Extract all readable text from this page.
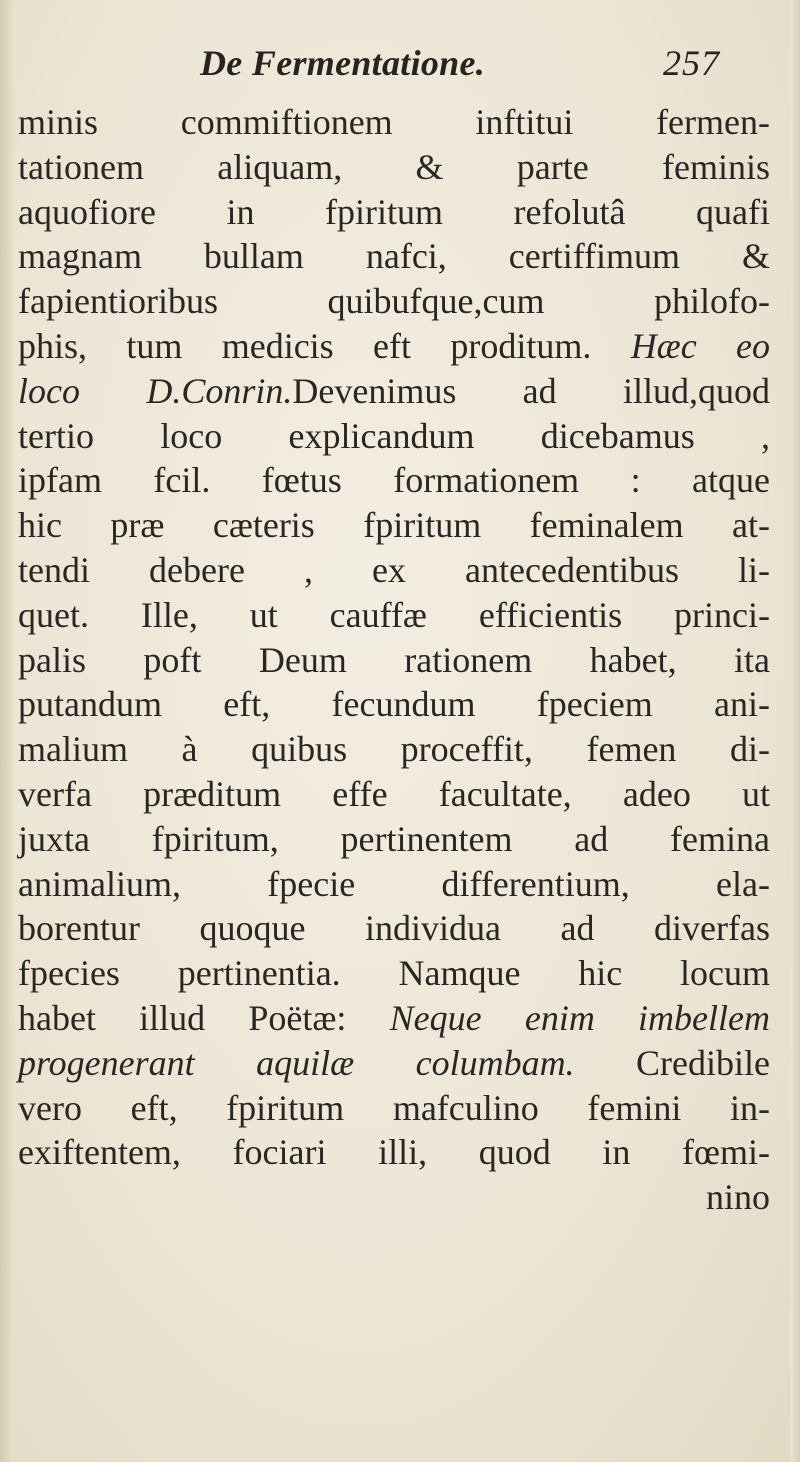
De Fermentatione.	257
minis commiftionem inftitui fermen-
tationem aliquam, & parte feminis
aquofiore in fpiritum refolutâ quafi
magnam bullam nafci, certiffimum &
fapientioribus quibufque,cum philofo-
phis, tum medicis eft proditum. Hæc eo
loco D.Conrin.Devenimus ad illud,quod
tertio loco explicandum dicebamus ,
ipfam fcil. fœtus formationem : atque
hic præ cæteris fpiritum feminalem at-
tendi debere , ex antecedentibus li-
quet. Ille, ut cauffæ efficientis princi-
palis poft Deum rationem habet, ita
putandum eft, fecundum fpeciem ani-
malium à quibus proceffit, femen di-
verfa præditum effe facultate, adeo ut
juxta fpiritum, pertinentem ad femina
animalium, fpecie differentium, ela-
borentur quoque individua ad diverfas
fpecies pertinentia. Namque hic locum
habet illud Poëtæ: Neque enim imbellem
progenerant aquilæ columbam. Credibile
vero eft, fpiritum mafculino femini in-
exiftentem, fociari illi, quod in fœmi-
nino
